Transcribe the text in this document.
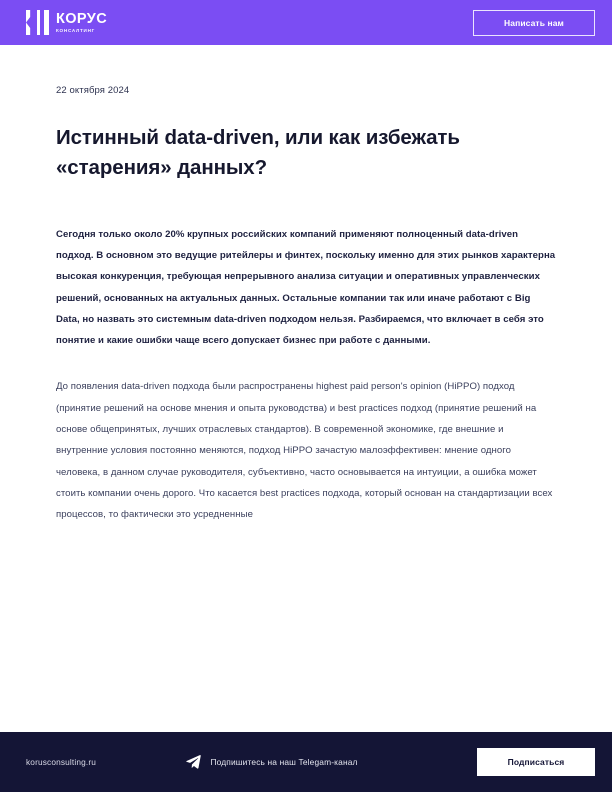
КОРУС
КОНСАЛТИНГ
Написать нам
22 октября 2024
Истинный data-driven, или как избежать «старения» данных?

Сегодня только около 20% крупных российских компаний применяют полноценный data-driven подход. В основном это ведущие ритейлеры и финтех, поскольку именно для этих рынков характерна высокая конкуренция, требующая непрерывного анализа ситуации и оперативных управленческих решений, основанных на актуальных данных. Остальные компании так или иначе работают с Big Data, но назвать это системным data-driven подходом нельзя. Разбираемся, что включает в себя это понятие и какие ошибки чаще всего допускает бизнес при работе с данными.

До появления data-driven подхода были распространены highest paid person's opinion (HiPPO) подход (принятие решений на основе мнения и опыта руководства) и best practices подход (принятие решений на основе общепринятых, лучших отраслевых стандартов). В современной экономике, где внешние и внутренние условия постоянно меняются, подход HiPPO зачастую малоэффективен: мнение одного человека, в данном случае руководителя, субъективно, часто основывается на интуиции, а ошибка может стоить компании очень дорого. Что касается best practices подхода, который основан на стандартизации всех процессов, то фактически это усредненные

korusconsulting.ru	Подпишитесь на наш Telegam-канал	Подписаться
